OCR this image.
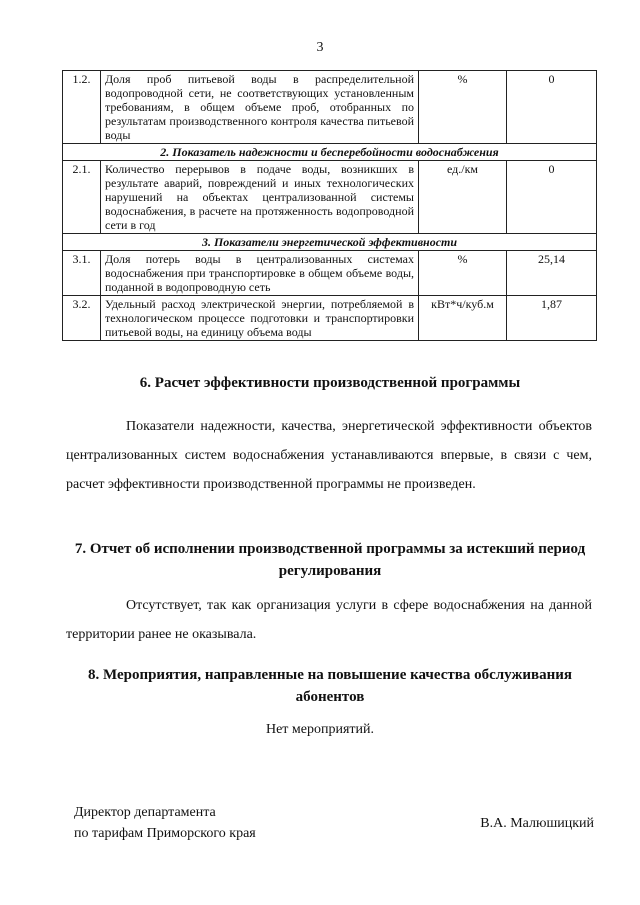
3
1.2.	Доля проб питьевой воды в распределительной водопроводной сети, не соответствующих установленным требованиям, в общем объеме проб, отобранных по результатам производственного контроля качества питьевой воды	%	0
2. Показатель надежности и бесперебойности водоснабжения			
2.1.	Количество перерывов в подаче воды, возникших в результате аварий, повреждений и иных технологических нарушений на объектах централизованной системы водоснабжения, в расчете на протяженность водопроводной сети в год	ед./км	0
3. Показатели энергетической эффективности			
3.1.	Доля потерь воды в централизованных системах водоснабжения при транспортировке в общем объеме воды, поданной в водопроводную сеть	%	25,14
3.2.	Удельный расход электрической энергии, потребляемой в технологическом процессе подготовки и транспортировки питьевой воды, на единицу объема воды	кВт*ч/куб.м	1,87
6. Расчет эффективности производственной программы
Показатели надежности, качества, энергетической эффективности объектов централизованных систем водоснабжения устанавливаются впервые, в связи с чем, расчет эффективности производственной программы не произведен.
7. Отчет об исполнении производственной программы за истекший период регулирования
Отсутствует, так как организация услуги в сфере водоснабжения на данной территории ранее не оказывала.
8. Мероприятия, направленные на повышение качества обслуживания абонентов
Нет мероприятий.
Директор департамента
по тарифам Приморского края
В.А. Малюшицкий
